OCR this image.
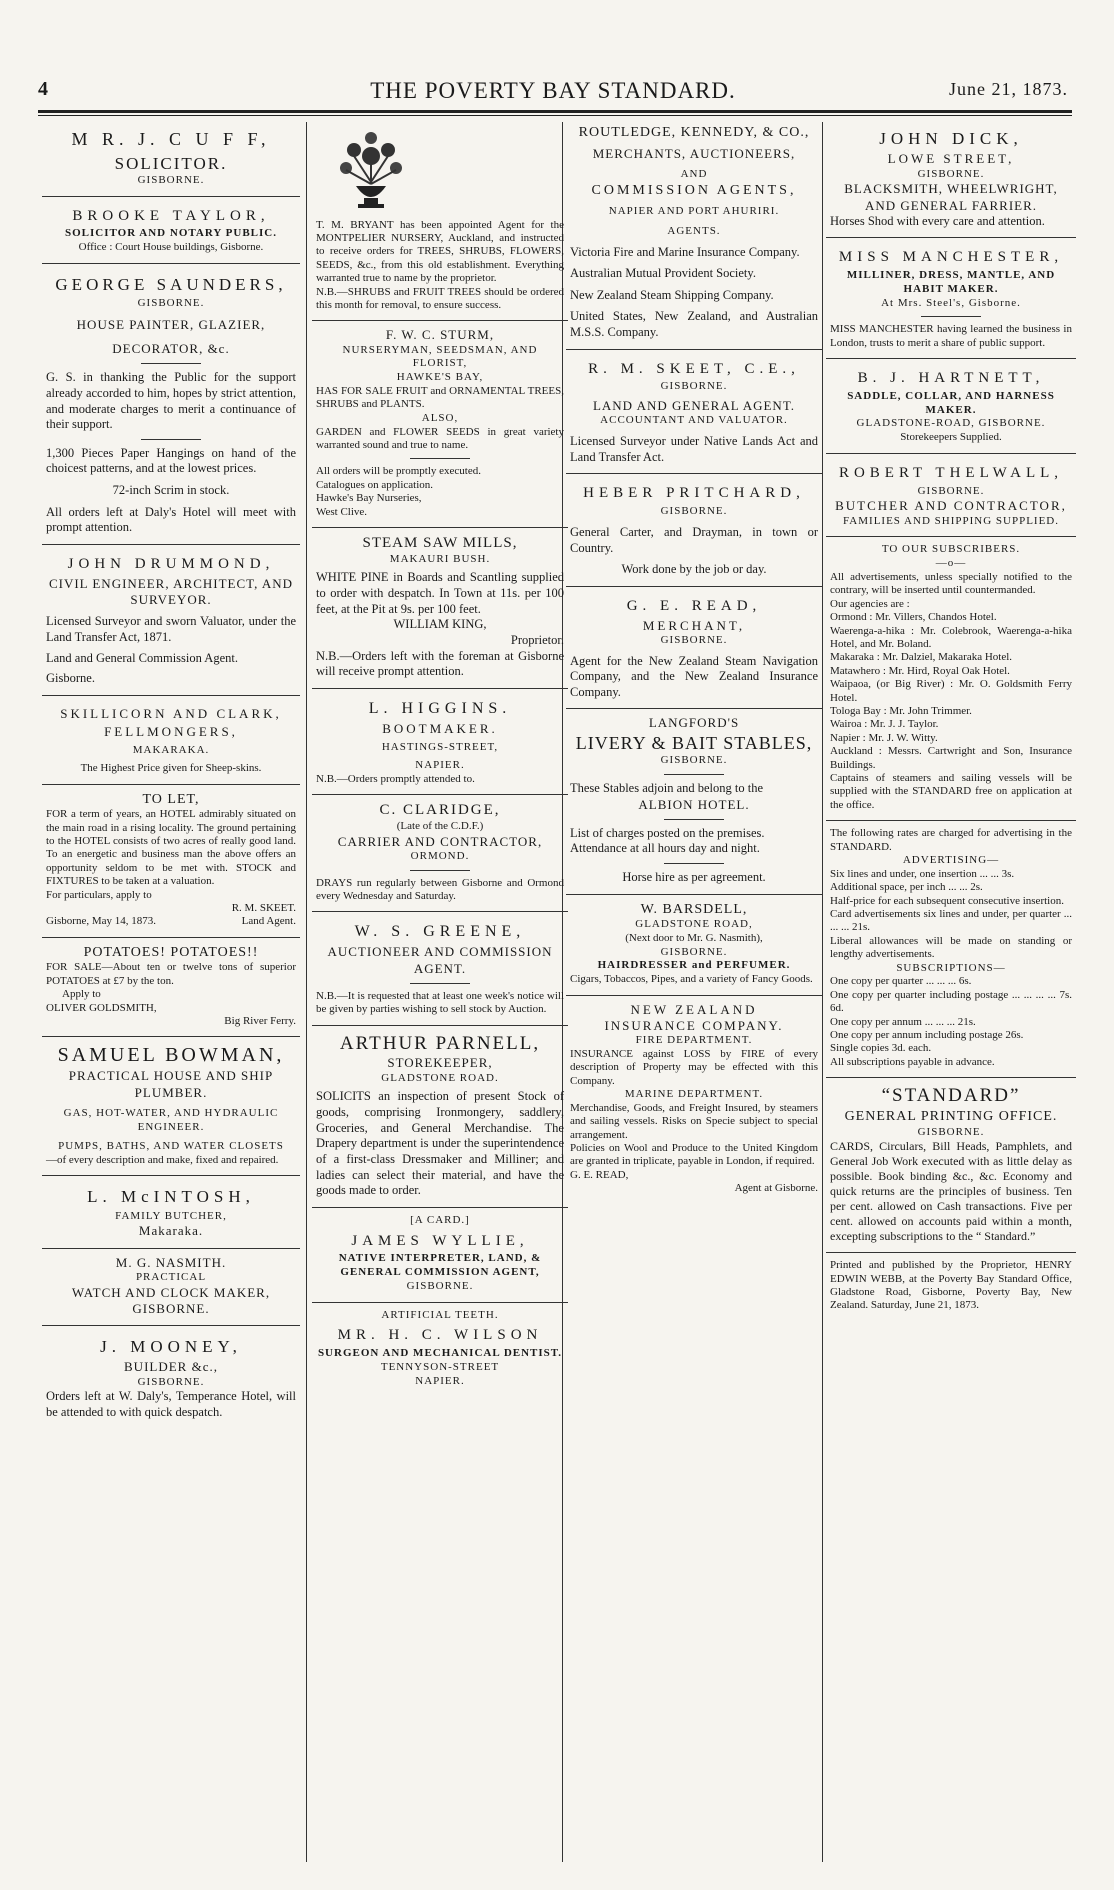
4	THE POVERTY BAY STANDARD.	June 21, 1873.
M R. J. C U F F,
SOLICITOR.
GISBORNE.
BROOKE TAYLOR,
SOLICITOR AND NOTARY PUBLIC.
Office : Court House buildings, Gisborne.
GEORGE SAUNDERS,
GISBORNE.
HOUSE PAINTER, GLAZIER,
DECORATOR, &c.
G. S. in thanking the Public for the support already accorded to him, hopes by strict attention, and moderate charges to merit a continuance of their support.
1,300 Pieces Paper Hangings on hand of the choicest patterns, and at the lowest prices.
72-inch Scrim in stock.
All orders left at Daly's Hotel will meet with prompt attention.
JOHN DRUMMOND,
CIVIL ENGINEER, ARCHITECT, AND SURVEYOR.
Licensed Surveyor and sworn Valuator, under the Land Transfer Act, 1871.
Land and General Commission Agent.
Gisborne.
SKILLICORN AND CLARK,
FELLMONGERS,
MAKARAKA.
The Highest Price given for Sheep-skins.
TO LET,
FOR a term of years, an HOTEL admirably situated on the main road in a rising locality. The ground pertaining to the HOTEL consists of two acres of really good land. To an energetic and business man the above offers an opportunity seldom to be met with. STOCK and FIXTURES to be taken at a valuation.
For particulars, apply to
R. M. SKEET.
Gisborne, May 14, 1873.	Land Agent.
POTATOES! POTATOES!!
FOR SALE—About ten or twelve tons of superior POTATOES at £7 by the ton.
Apply to
OLIVER GOLDSMITH,
Big River Ferry.
SAMUEL BOWMAN,
PRACTICAL HOUSE AND SHIP PLUMBER.
GAS, HOT-WATER, AND HYDRAULIC ENGINEER.
PUMPS, BATHS, AND WATER CLOSETS
—of every description and make, fixed and repaired.
L. McINTOSH,
FAMILY BUTCHER,
Makaraka.
M. G. NASMITH.
PRACTICAL
WATCH AND CLOCK MAKER,
GISBORNE.
J. MOONEY,
BUILDER &c.,
GISBORNE.
Orders left at W. Daly's, Temperance Hotel, will be attended to with quick despatch.
T. M. BRYANT has been appointed Agent for the MONTPELIER NURSERY, Auckland, and instructed to receive orders for TREES, SHRUBS, FLOWERS, SEEDS, &c., from this old establishment. Everything warranted true to name by the proprietor.
N.B.—SHRUBS and FRUIT TREES should be ordered this month for removal, to ensure success.
F. W. C. STURM,
NURSERYMAN, SEEDSMAN, AND FLORIST,
HAWKE'S BAY,
HAS FOR SALE FRUIT and ORNAMENTAL TREES, SHRUBS and PLANTS.
ALSO,
GARDEN and FLOWER SEEDS in great variety warranted sound and true to name.
All orders will be promptly executed.
Catalogues on application.
Hawke's Bay Nurseries,
West Clive.
STEAM SAW MILLS,
MAKAURI BUSH.
WHITE PINE in Boards and Scantling supplied to order with despatch. In Town at 11s. per 100 feet, at the Pit at 9s. per 100 feet.
WILLIAM KING,
Proprietor.
N.B.—Orders left with the foreman at Gisborne will receive prompt attention.
L. HIGGINS.
BOOTMAKER.
HASTINGS-STREET,
NAPIER.
N.B.—Orders promptly attended to.
C. CLARIDGE,
(Late of the C.D.F.)
CARRIER AND CONTRACTOR,
ORMOND.
DRAYS run regularly between Gisborne and Ormond every Wednesday and Saturday.
W. S. GREENE,
AUCTIONEER AND COMMISSION AGENT.
N.B.—It is requested that at least one week's notice will be given by parties wishing to sell stock by Auction.
ARTHUR PARNELL,
STOREKEEPER,
GLADSTONE ROAD.
SOLICITS an inspection of present Stock of goods, comprising Ironmongery, saddlery, Groceries, and General Merchandise. The Drapery department is under the superintendence of a first-class Dressmaker and Milliner; and ladies can select their material, and have the goods made to order.
[A CARD.]
JAMES WYLLIE,
NATIVE INTERPRETER, LAND, & GENERAL COMMISSION AGENT,
GISBORNE.
ARTIFICIAL TEETH.
MR. H. C. WILSON
SURGEON AND MECHANICAL DENTIST.
TENNYSON-STREET
NAPIER.
ROUTLEDGE, KENNEDY, & CO.,
MERCHANTS, AUCTIONEERS,
AND
COMMISSION AGENTS,
NAPIER AND PORT AHURIRI.
AGENTS.
Victoria Fire and Marine Insurance Company.
Australian Mutual Provident Society.
New Zealand Steam Shipping Company.
United States, New Zealand, and Australian M.S.S. Company.
R. M. SKEET, C.E.,
GISBORNE.
LAND AND GENERAL AGENT.
ACCOUNTANT AND VALUATOR.
Licensed Surveyor under Native Lands Act and Land Transfer Act.
HEBER PRITCHARD,
GISBORNE.
General Carter, and Drayman, in town or Country.
Work done by the job or day.
G. E. READ,
MERCHANT,
GISBORNE.
Agent for the New Zealand Steam Navigation Company, and the New Zealand Insurance Company.
LANGFORD'S
LIVERY & BAIT STABLES,
GISBORNE.
These Stables adjoin and belong to the
ALBION HOTEL.
List of charges posted on the premises.
Attendance at all hours day and night.
Horse hire as per agreement.
W. BARSDELL,
GLADSTONE ROAD,
(Next door to Mr. G. Nasmith),
GISBORNE.
HAIRDRESSER and PERFUMER.
Cigars, Tobaccos, Pipes, and a variety of Fancy Goods.
NEW ZEALAND
INSURANCE COMPANY.
FIRE DEPARTMENT.
INSURANCE against LOSS by FIRE of every description of Property may be effected with this Company.
MARINE DEPARTMENT.
Merchandise, Goods, and Freight Insured, by steamers and sailing vessels. Risks on Specie subject to special arrangement.
Policies on Wool and Produce to the United Kingdom are granted in triplicate, payable in London, if required.
G. E. READ,
Agent at Gisborne.
JOHN DICK,
LOWE STREET,
GISBORNE.
BLACKSMITH, WHEELWRIGHT,
AND GENERAL FARRIER.
Horses Shod with every care and attention.
MISS MANCHESTER,
MILLINER, DRESS, MANTLE, AND HABIT MAKER.
At Mrs. Steel's, Gisborne.
MISS MANCHESTER having learned the business in London, trusts to merit a share of public support.
B. J. HARTNETT,
SADDLE, COLLAR, AND HARNESS MAKER.
GLADSTONE-ROAD, GISBORNE.
Storekeepers Supplied.
ROBERT THELWALL,
GISBORNE.
BUTCHER AND CONTRACTOR,
FAMILIES AND SHIPPING SUPPLIED.
TO OUR SUBSCRIBERS.
—o—
All advertisements, unless specially notified to the contrary, will be inserted until countermanded.
Our agencies are :
Ormond : Mr. Villers, Chandos Hotel.
Waerenga-a-hika : Mr. Colebrook, Waerenga-a-hika Hotel, and Mr. Boland.
Makaraka : Mr. Dalziel, Makaraka Hotel.
Matawhero : Mr. Hird, Royal Oak Hotel.
Waipaoa, (or Big River) : Mr. O. Goldsmith Ferry Hotel.
Tologa Bay : Mr. John Trimmer.
Wairoa : Mr. J. J. Taylor.
Napier : Mr. J. W. Witty.
Auckland : Messrs. Cartwright and Son, Insurance Buildings.
Captains of steamers and sailing vessels will be supplied with the STANDARD free on application at the office.
The following rates are charged for advertising in the STANDARD.
ADVERTISING—
Six lines and under, one insertion ... ... 3s.
Additional space, per inch ... ... 2s.
Half-price for each subsequent consecutive insertion.
Card advertisements six lines and under, per quarter ... ... ... 21s.
Liberal allowances will be made on standing or lengthy advertisements.
SUBSCRIPTIONS—
One copy per quarter ... ... ... 6s.
One copy per quarter including postage ... ... ... ... 7s. 6d.
One copy per annum ... ... ... 21s.
One copy per annum including postage 26s.
Single copies 3d. each.
All subscriptions payable in advance.
“STANDARD”
GENERAL PRINTING OFFICE.
GISBORNE.
CARDS, Circulars, Bill Heads, Pamphlets, and General Job Work executed with as little delay as possible. Book binding &c., &c. Economy and quick returns are the principles of business. Ten per cent. allowed on Cash transactions. Five per cent. allowed on accounts paid within a month, excepting subscriptions to the “ Standard.”
Printed and published by the Proprietor, HENRY EDWIN WEBB, at the Poverty Bay Standard Office, Gladstone Road, Gisborne, Poverty Bay, New Zealand. Saturday, June 21, 1873.
